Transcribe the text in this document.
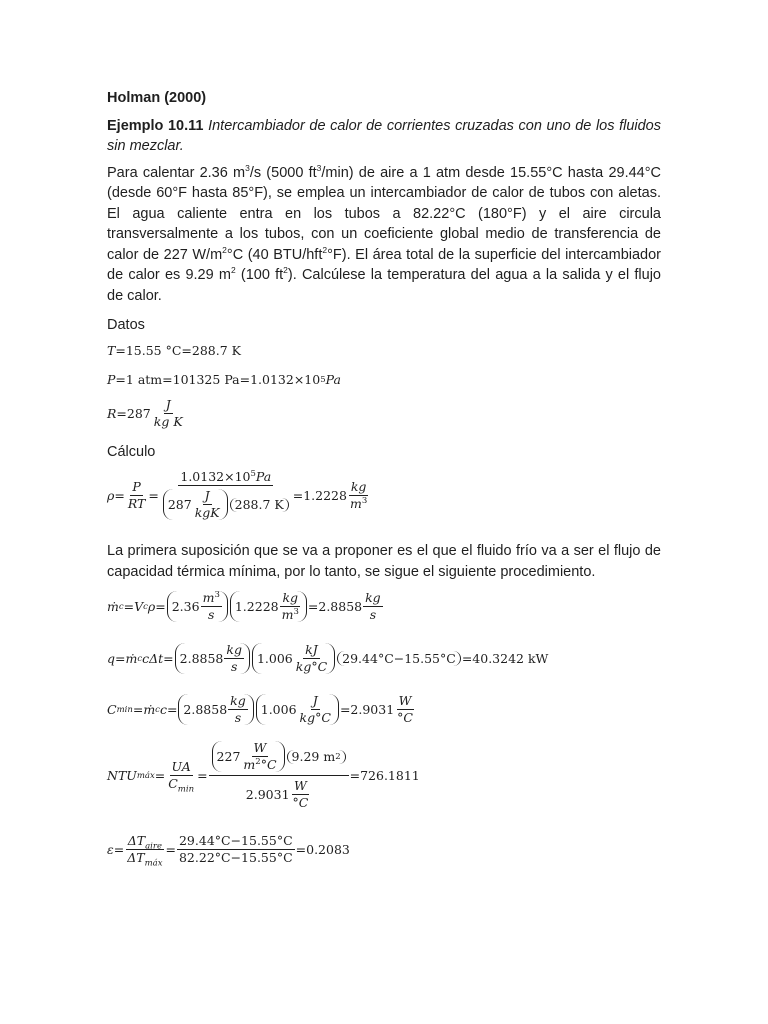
Holman (2000)

Ejemplo 10.11 Intercambiador de calor de corrientes cruzadas con uno de los fluidos sin mezclar.

Para calentar 2.36 $m^3/s$ (5000 $ft^3/\min$) de aire a 1 atm desde 15.55°C hasta 29.44°C (desde 60°F hasta 85°F), se emplea un intercambiador de calor de tubos con aletas. El agua caliente entra en los tubos a 82.22°C (180°F) y el aire circula transversalmente a los tubos, con un coeficiente global medio de transferencia de calor de 227 $W/m^2^\circ C$ (40 BTU/hft$^2$°F). El área total de la superficie del intercambiador de calor es 9.29 $m^2$ (100 $ft^2$). Calcúlese la temperatura del agua a la salida y el flujo de calor.

Datos
T =15.55 °C=288.7 K
P =1 atm=101325 Pa=1.0132×10 5 Pa
$R =287 \frac{J}{\text{kg K}}$
Cálculo
$\rho = \frac{P}{RT} = \frac{1.0132\times 10^5Pa}{287 \frac{J}{\text{kgK}} 288.7 K} =1.2228 \frac{kg}{m^3}$

La primera suposición que se va a proponer es el que el fluido frío va a ser el flujo de capacidad térmica mínima, por lo tanto, se sigue el siguiente procedimiento.

ṁ c =V c $\rho= 2.36 \frac{m^3}{s} 1.2228 \frac{kg}{m^3} =2.8858 \frac{kg}{s}$
q=ṁ c $c\Delta t= 2.8858 \frac{kg}{s} 1.006 \frac{kJ}{kg^\circ C} 29.44^\circ C-15.55^\circ C =40.3242$ kW
C min =ṁ c $c= 2.8858 \frac{kg}{s} 1.006 \frac{J}{kg^\circ C} =2.9031 \frac{W}{^\circ C}$
NTU máx = $\frac{UA}{C_{min}} = \frac{227 \frac{W}{m^2^\circ C} 9.29 m 2}{2.9031 \frac{W}{^\circ C}} =726.1811$
$\varepsilon = \frac{\Delta T_{aire}}{\Delta T_{máx}} = \frac{29.44^\circ C-15.55^\circ C}{82.22^\circ C-15.55^\circ C} =0.2083$
